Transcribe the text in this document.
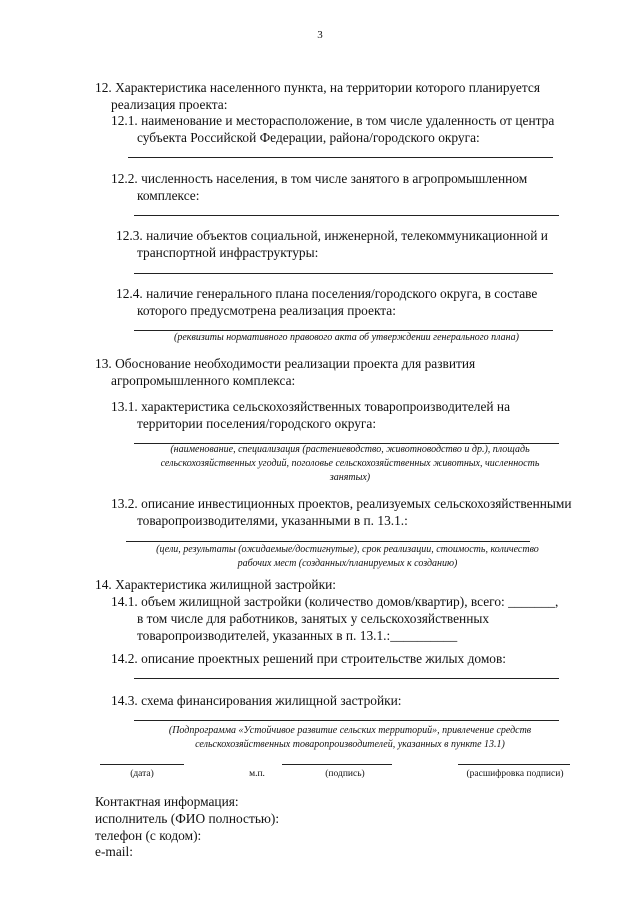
3
12. Характеристика населенного пункта, на территории которого планируется
реализация проекта:
12.1. наименование и месторасположение, в том числе удаленность от центра
субъекта Российской Федерации, района/городского округа:
12.2. численность населения, в том числе занятого в агропромышленном
комплексе:
12.3. наличие объектов социальной, инженерной, телекоммуникационной и
транспортной инфраструктуры:
12.4. наличие генерального плана поселения/городского округа, в составе
которого предусмотрена реализация проекта:
(реквизиты нормативного правового акта об утверждении генерального плана)
13. Обоснование необходимости реализации проекта для развития
агропромышленного комплекса:
13.1. характеристика сельскохозяйственных товаропроизводителей на
территории поселения/городского округа:
(наименование, специализация (растениеводство, животноводство и др.), площадь
сельскохозяйственных угодий, поголовье сельскохозяйственных животных, численность
занятых)
13.2. описание инвестиционных проектов, реализуемых сельскохозяйственными
товаропроизводителями, указанными в п. 13.1.:
(цели, результаты (ожидаемые/достигнутые), срок реализации, стоимость, количество
рабочих мест (созданных/планируемых к созданию)
14. Характеристика жилищной застройки:
14.1. объем жилищной застройки (количество домов/квартир), всего: _______,
в том числе для работников, занятых у сельскохозяйственных
товаропроизводителей, указанных в п. 13.1.:__________
14.2. описание проектных решений при строительстве жилых домов:
14.3. схема финансирования жилищной застройки:
(Подпрограмма «Устойчивое развитие сельских территорий», привлечение средств
сельскохозяйственных товаропроизводителей, указанных в пункте 13.1)
(дата)	м.п.	(подпись)	(расшифровка подписи)
Контактная информация:
исполнитель (ФИО полностью):
телефон (с кодом):
e-mail:
